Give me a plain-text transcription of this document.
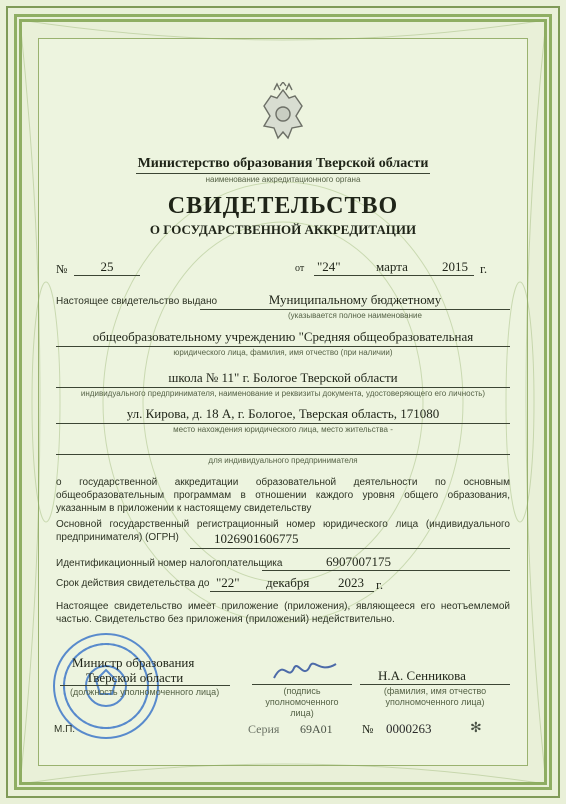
Министерство образования Тверской области
наименование аккредитационного органа
СВИДЕТЕЛЬСТВО
О ГОСУДАРСТВЕННОЙ АККРЕДИТАЦИИ
№	25	от "24"	марта	2015 г.
Настоящее свидетельство выдано	Муниципальному бюджетному
(указывается полное наименование
общеобразовательному учреждению "Средняя общеобразовательная
юридического лица, фамилия, имя отчество (при наличии)
школа № 11" г. Бологое Тверской области
индивидуального предпринимателя, наименование и реквизиты документа, удостоверяющего его личность)
ул. Кирова, д. 18 А, г. Бологое, Тверская область, 171080
место нахождения юридического лица, место жительства -
для индивидуального предпринимателя
о государственной аккредитации образовательной деятельности по основным общеобразовательным программам в отношении каждого уровня общего образования, указанным в приложении к настоящему свидетельству
Основной государственный регистрационный номер юридического лица (индивидуального предпринимателя) (ОГРН)	1026901606775
Идентификационный номер налогоплательщика	6907007175
Срок действия свидетельства до "22" декабря 2023 г.
Настоящее свидетельство имеет приложение (приложения), являющееся его неотъемлемой частью. Свидетельство без приложения (приложений) недействительно.
Министр образования
Тверской области
(должность уполномоченного лица)	(подпись уполномоченного лица)
Н.А. Сенникова
(фамилия, имя отчество уполномоченного лица)
М.П.	Серия 69А01 № 0000263	✻
